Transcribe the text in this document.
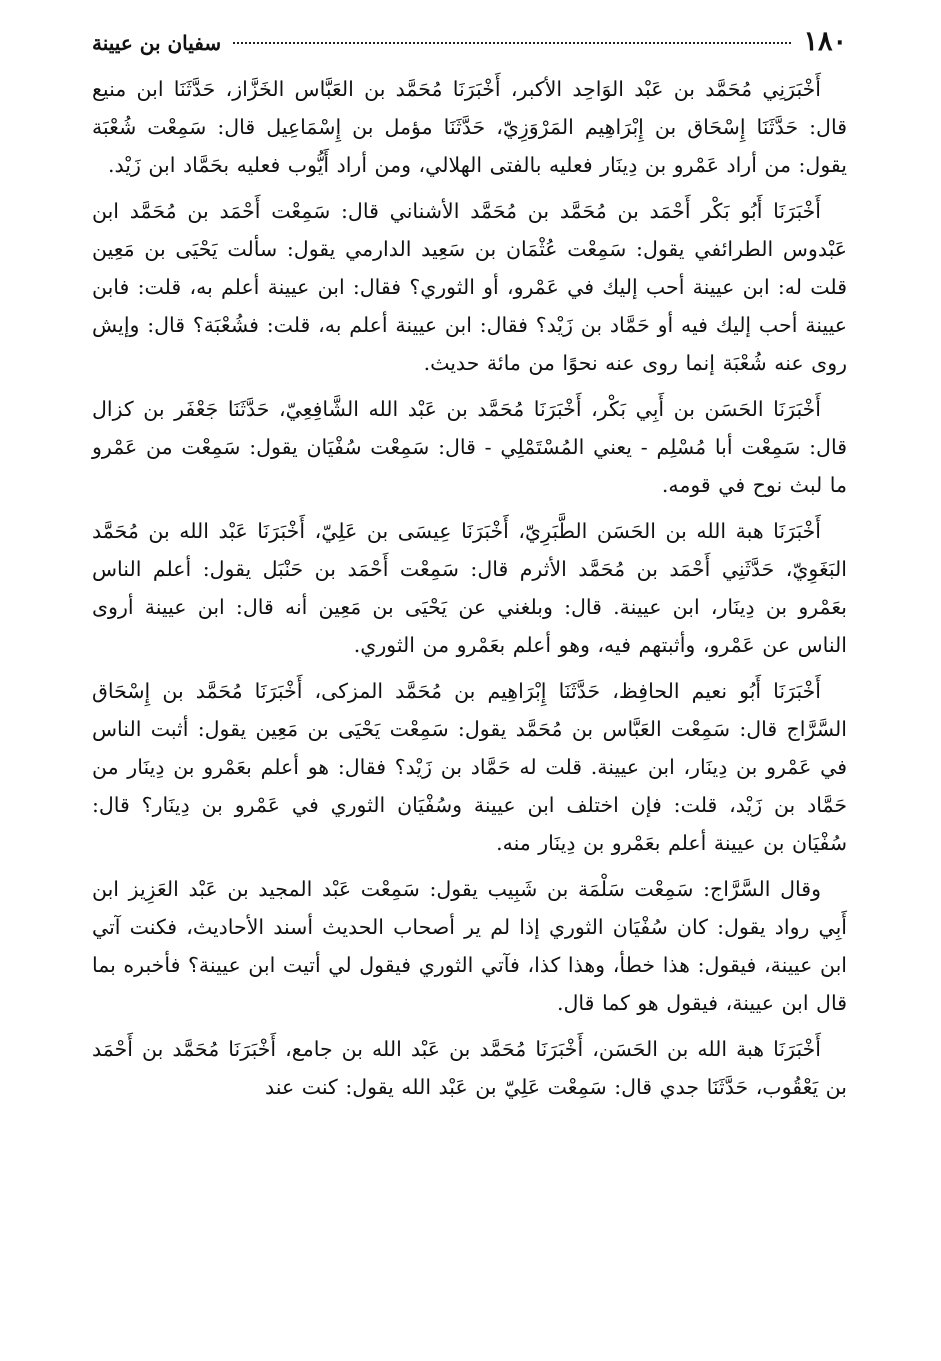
١٨٠
سفيان بن عيينة

أَخْبَرَنِي مُحَمَّد بن عَبْد الوَاحِد الأكبر، أَخْبَرَنَا مُحَمَّد بن العَبَّاس الخَزَّاز، حَدَّثَنَا ابن منيع قال: حَدَّثَنَا إِسْحَاق بن إِبْرَاهِيم المَرْوَزِيّ، حَدَّثَنَا مؤمل بن إِسْمَاعِيل قال: سَمِعْت شُعْبَة يقول: من أراد عَمْرو بن دِينَار فعليه بالفتى الهلالي، ومن أراد أَيُّوب فعليه بحَمَّاد ابن زَيْد.

أَخْبَرَنَا أَبُو بَكْر أَحْمَد بن مُحَمَّد بن مُحَمَّد الأشناني قال: سَمِعْت أَحْمَد بن مُحَمَّد ابن عَبْدوس الطرائفي يقول: سَمِعْت عُثْمَان بن سَعِيد الدارمي يقول: سألت يَحْيَى بن مَعِين قلت له: ابن عيينة أحب إليك في عَمْرو، أو الثوري؟ فقال: ابن عيينة أعلم به، قلت: فابن عيينة أحب إليك فيه أو حَمَّاد بن زَيْد؟ فقال: ابن عيينة أعلم به، قلت: فشُعْبَة؟ قال: وإيش روى عنه شُعْبَة إنما روى عنه نحوًا من مائة حديث.

أَخْبَرَنَا الحَسَن بن أَبِي بَكْر، أَخْبَرَنَا مُحَمَّد بن عَبْد الله الشَّافِعِيّ، حَدَّثَنَا جَعْفَر بن كزال قال: سَمِعْت أبا مُسْلِم - يعني المُسْتَمْلِي - قال: سَمِعْت سُفْيَان يقول: سَمِعْت من عَمْرو ما لبث نوح في قومه.

أَخْبَرَنَا هبة الله بن الحَسَن الطَّبَرِيّ، أَخْبَرَنَا عِيسَى بن عَلِيّ، أَخْبَرَنَا عَبْد الله بن مُحَمَّد البَغَوِيّ، حَدَّثَنِي أَحْمَد بن مُحَمَّد الأثرم قال: سَمِعْت أَحْمَد بن حَنْبَل يقول: أعلم الناس بعَمْرو بن دِينَار، ابن عيينة. قال: وبلغني عن يَحْيَى بن مَعِين أنه قال: ابن عيينة أروى الناس عن عَمْرو، وأثبتهم فيه، وهو أعلم بعَمْرو من الثوري.

أَخْبَرَنَا أَبُو نعيم الحافِظ، حَدَّثَنَا إِبْرَاهِيم بن مُحَمَّد المزكى، أَخْبَرَنَا مُحَمَّد بن إِسْحَاق السَّرَّاج قال: سَمِعْت العَبَّاس بن مُحَمَّد يقول: سَمِعْت يَحْيَى بن مَعِين يقول: أثبت الناس في عَمْرو بن دِينَار، ابن عيينة. قلت له حَمَّاد بن زَيْد؟ فقال: هو أعلم بعَمْرو بن دِينَار من حَمَّاد بن زَيْد، قلت: فإن اختلف ابن عيينة وسُفْيَان الثوري في عَمْرو بن دِينَار؟ قال: سُفْيَان بن عيينة أعلم بعَمْرو بن دِينَار منه.

وقال السَّرَّاج: سَمِعْت سَلْمَة بن شَبِيب يقول: سَمِعْت عَبْد المجيد بن عَبْد العَزِيز ابن أَبِي رواد يقول: كان سُفْيَان الثوري إذا لم ير أصحاب الحديث أسند الأحاديث، فكنت آتي ابن عيينة، فيقول: هذا خطأ، وهذا كذا، فآتي الثوري فيقول لي أتيت ابن عيينة؟ فأخبره بما قال ابن عيينة، فيقول هو كما قال.

أَخْبَرَنَا هبة الله بن الحَسَن، أَخْبَرَنَا مُحَمَّد بن عَبْد الله بن جامع، أَخْبَرَنَا مُحَمَّد بن أَحْمَد بن يَعْقُوب، حَدَّثَنَا جدي قال: سَمِعْت عَلِيّ بن عَبْد الله يقول: كنت عند
